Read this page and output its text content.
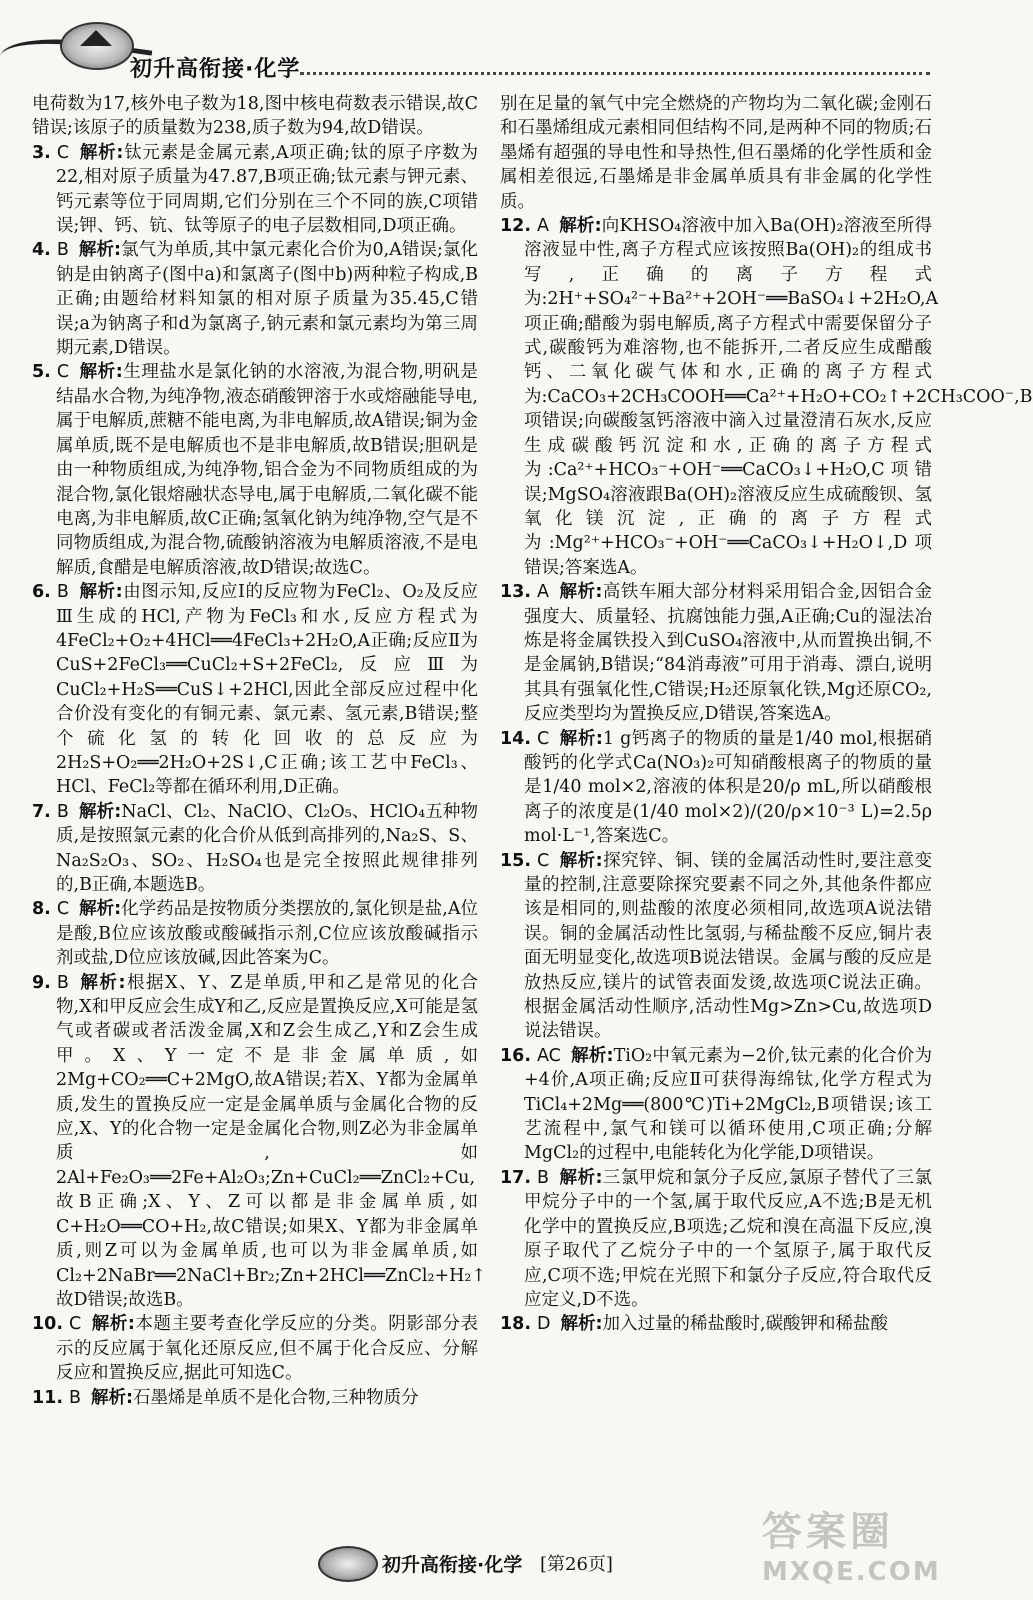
初升高衔接·化学

电荷数为17,核外电子数为18,图中核电荷数表示错误,故C错误;该原子的质量数为238,质子数为94,故D错误。

3. C 解析:钛元素是金属元素,A项正确;钛的原子序数为22,相对原子质量为47.87,B项正确;钛元素与钾元素、钙元素等位于同周期,它们分别在三个不同的族,C项错误;钾、钙、钪、钛等原子的电子层数相同,D项正确。

4. B 解析:氯气为单质,其中氯元素化合价为0,A错误;氯化钠是由钠离子(图中a)和氯离子(图中b)两种粒子构成,B正确;由题给材料知氯的相对原子质量为35.45,C错误;a为钠离子和d为氯离子,钠元素和氯元素均为第三周期元素,D错误。

5. C 解析:生理盐水是氯化钠的水溶液,为混合物,明矾是结晶水合物,为纯净物,液态硝酸钾溶于水或熔融能导电,属于电解质,蔗糖不能电离,为非电解质,故A错误;铜为金属单质,既不是电解质也不是非电解质,故B错误;胆矾是由一种物质组成,为纯净物,铝合金为不同物质组成的为混合物,氯化银熔融状态导电,属于电解质,二氧化碳不能电离,为非电解质,故C正确;氢氧化钠为纯净物,空气是不同物质组成,为混合物,硫酸钠溶液为电解质溶液,不是电解质,食醋是电解质溶液,故D错误;故选C。

6. B 解析:由图示知,反应Ⅰ的反应物为FeCl₂、O₂及反应Ⅲ生成的HCl,产物为FeCl₃和水,反应方程式为4FeCl₂+O₂+4HCl══4FeCl₃+2H₂O,A正确;反应Ⅱ为CuS+2FeCl₃══CuCl₂+S+2FeCl₂,反应Ⅲ为CuCl₂+H₂S══CuS↓+2HCl,因此全部反应过程中化合价没有变化的有铜元素、氯元素、氢元素,B错误;整个硫化氢的转化回收的总反应为2H₂S+O₂══2H₂O+2S↓,C正确;该工艺中FeCl₃、HCl、FeCl₂等都在循环利用,D正确。

7. B 解析:NaCl、Cl₂、NaClO、Cl₂O₅、HClO₄五种物质,是按照氯元素的化合价从低到高排列的,Na₂S、S、Na₂S₂O₃、SO₂、H₂SO₄也是完全按照此规律排列的,B正确,本题选B。

8. C 解析:化学药品是按物质分类摆放的,氯化钡是盐,A位是酸,B位应该放酸或酸碱指示剂,C位应该放酸碱指示剂或盐,D位应该放碱,因此答案为C。

9. B 解析:根据X、Y、Z是单质,甲和乙是常见的化合物,X和甲反应会生成Y和乙,反应是置换反应,X可能是氢气或者碳或者活泼金属,X和Z会生成乙,Y和Z会生成甲。X、Y一定不是非金属单质,如2Mg+CO₂══C+2MgO,故A错误;若X、Y都为金属单质,发生的置换反应一定是金属单质与金属化合物的反应,X、Y的化合物一定是金属化合物,则Z必为非金属单质,如2Al+Fe₂O₃══2Fe+Al₂O₃;Zn+CuCl₂══ZnCl₂+Cu,故B正确;X、Y、Z可以都是非金属单质,如C+H₂O══CO+H₂,故C错误;如果X、Y都为非金属单质,则Z可以为金属单质,也可以为非金属单质,如Cl₂+2NaBr══2NaCl+Br₂;Zn+2HCl══ZnCl₂+H₂↑故D错误;故选B。

10. C 解析:本题主要考查化学反应的分类。阴影部分表示的反应属于氧化还原反应,但不属于化合反应、分解反应和置换反应,据此可知选C。

11. B 解析:石墨烯是单质不是化合物,三种物质分

别在足量的氧气中完全燃烧的产物均为二氧化碳;金刚石和石墨烯组成元素相同但结构不同,是两种不同的物质;石墨烯有超强的导电性和导热性,但石墨烯的化学性质和金属相差很远,石墨烯是非金属单质具有非金属的化学性质。

12. A 解析:向KHSO₄溶液中加入Ba(OH)₂溶液至所得溶液显中性,离子方程式应该按照Ba(OH)₂的组成书写,正确的离子方程式为:2H⁺+SO₄²⁻+Ba²⁺+2OH⁻══BaSO₄↓+2H₂O,A项正确;醋酸为弱电解质,离子方程式中需要保留分子式,碳酸钙为难溶物,也不能拆开,二者反应生成醋酸钙、二氧化碳气体和水,正确的离子方程式为:CaCO₃+2CH₃COOH══Ca²⁺+H₂O+CO₂↑+2CH₃COO⁻,B项错误;向碳酸氢钙溶液中滴入过量澄清石灰水,反应生成碳酸钙沉淀和水,正确的离子方程式为:Ca²⁺+HCO₃⁻+OH⁻══CaCO₃↓+H₂O,C项错误;MgSO₄溶液跟Ba(OH)₂溶液反应生成硫酸钡、氢氧化镁沉淀,正确的离子方程式为:Mg²⁺+HCO₃⁻+OH⁻══CaCO₃↓+H₂O↓,D项错误;答案选A。

13. A 解析:高铁车厢大部分材料采用铝合金,因铝合金强度大、质量轻、抗腐蚀能力强,A正确;Cu的湿法冶炼是将金属铁投入到CuSO₄溶液中,从而置换出铜,不是金属钠,B错误;“84消毒液”可用于消毒、漂白,说明其具有强氧化性,C错误;H₂还原氧化铁,Mg还原CO₂,反应类型均为置换反应,D错误,答案选A。

14. C 解析:1 g钙离子的物质的量是1/40 mol,根据硝酸钙的化学式Ca(NO₃)₂可知硝酸根离子的物质的量是1/40 mol×2,溶液的体积是20/ρ mL,所以硝酸根离子的浓度是(1/40 mol×2)/(20/ρ×10⁻³ L)=2.5ρ mol·L⁻¹,答案选C。

15. C 解析:探究锌、铜、镁的金属活动性时,要注意变量的控制,注意要除探究要素不同之外,其他条件都应该是相同的,则盐酸的浓度必须相同,故选项A说法错误。铜的金属活动性比氢弱,与稀盐酸不反应,铜片表面无明显变化,故选项B说法错误。金属与酸的反应是放热反应,镁片的试管表面发烫,故选项C说法正确。根据金属活动性顺序,活动性Mg>Zn>Cu,故选项D说法错误。

16. AC 解析:TiO₂中氧元素为−2价,钛元素的化合价为+4价,A项正确;反应Ⅱ可获得海绵钛,化学方程式为TiCl₄+2Mg══(800℃)Ti+2MgCl₂,B项错误;该工艺流程中,氯气和镁可以循环使用,C项正确;分解MgCl₂的过程中,电能转化为化学能,D项错误。

17. B 解析:三氯甲烷和氯分子反应,氯原子替代了三氯甲烷分子中的一个氢,属于取代反应,A不选;B是无机化学中的置换反应,B项选;乙烷和溴在高温下反应,溴原子取代了乙烷分子中的一个氢原子,属于取代反应,C项不选;甲烷在光照下和氯分子反应,符合取代反应定义,D不选。

18. D 解析:加入过量的稀盐酸时,碳酸钾和稀盐酸

初升高衔接·化学 [第26页]
答案圈
MXQE.COM
